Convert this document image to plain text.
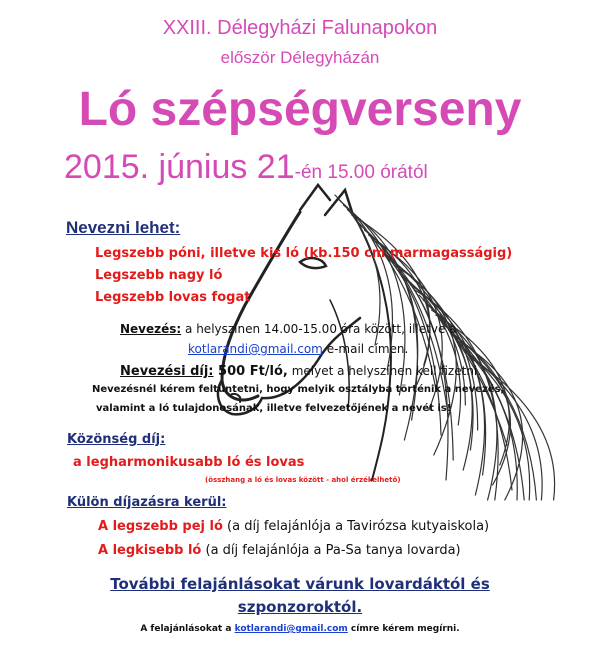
XXIII. Délegyházi Falunapokon
először Délegyházán
Ló szépségverseny
2015. június 21-én 15.00 órától
Nevezni lehet:
Legszebb póni, illetve kis ló (kb.150 cm marmagasságig)
Legszebb nagy ló
Legszebb lovas fogat
Nevezés: a helyszínen 14.00-15.00 óra között, illetve a
kotlarandi@gmail.com e-mail címen.
Nevezési díj: 500 Ft/ló, melyet a helyszínen kell fizetni.
Nevezésnél kérem feltüntetni, hogy melyik osztályba történik a nevezés,
valamint a ló tulajdonosának, illetve felvezetőjének a nevét is!
Közönség díj:
a legharmonikusabb ló és lovas
(összhang a ló és lovas között - ahol érzékelhető)
Külön díjazásra kerül:
A legszebb pej ló (a díj felajánlója a Tavirózsa kutyaiskola)
A legkisebb ló (a díj felajánlója a Pa-Sa tanya lovarda)
További felajánlásokat várunk lovardáktól és
szponzoroktól.
A felajánlásokat a kotlarandi@gmail.com címre kérem megírni.
